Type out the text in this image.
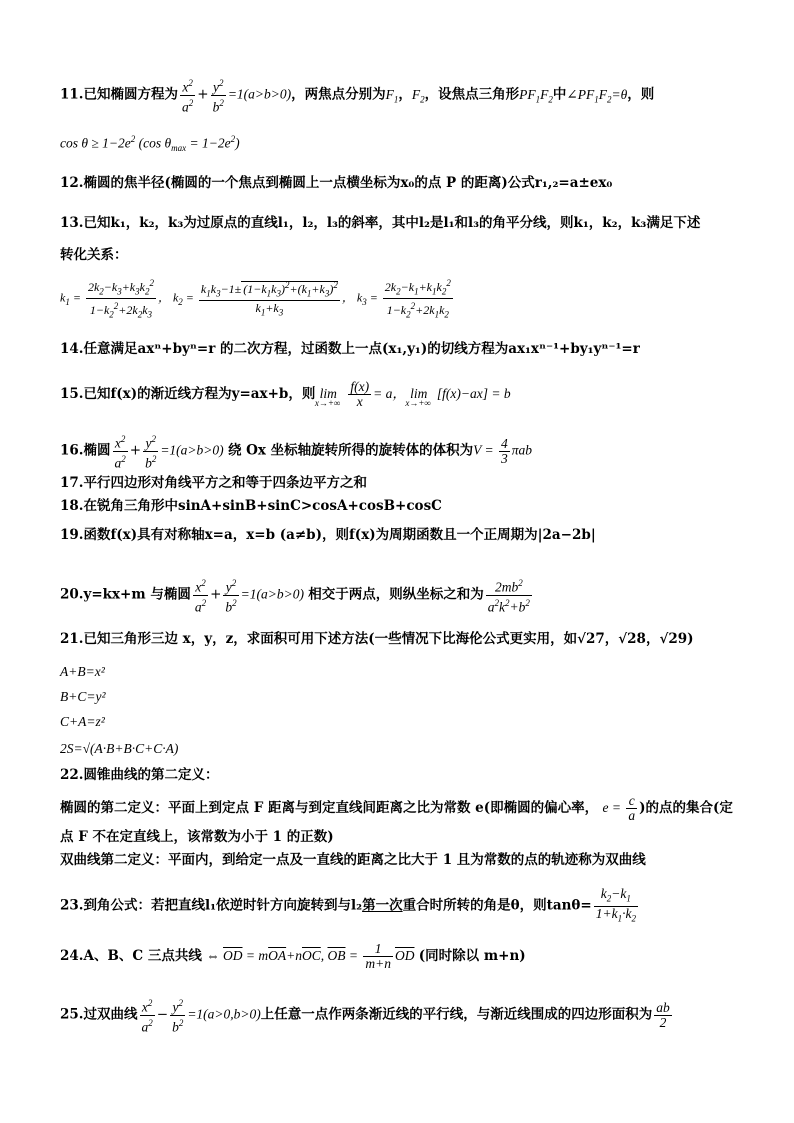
11.已知椭圆方程为 $\frac{x^2}{a^2} + \frac{y^2}{b^2} =1(a>b>0)$，两焦点分别为$F_1$，$F_2$，设焦点三角形$PF_1F_2$中$\angle PF_1F_2=\theta$，则
$\cos \theta \ge 1-2e^2$ (cos $\theta_{max} = 1-2e^2$)
12.椭圆的焦半径(椭圆的一个焦点到椭圆上一点横坐标为x₀的点 P 的距离)公式r₁,₂=a±ex₀
13.已知k₁，k₂，k₃为过原点的直线l₁，l₂，l₃的斜率，其中l₂是l₁和l₃的角平分线，则k₁，k₂，k₃满足下述
转化关系：
$k_1 = \frac{2k_2-k_3+k_3k_2^2}{1-k_2^2+2k_2k_3}$ ， $k_2 = \frac{k_1k_3-1\pm (1-k_1k_3)^2+(k_1+k_3)^2}{k_1+k_3}$ ， $k_3 = \frac{2k_2-k_1+k_1k_2^2}{1-k_2^2+2k_1k_2}$
14.任意满足axⁿ+byⁿ=r 的二次方程，过函数上一点(x₁,y₁)的切线方程为ax₁xⁿ⁻¹+by₁yⁿ⁻¹=r
15.已知f(x)的渐近线方程为y=ax+b，则 $\lim_{x\to+\infty} \frac{f(x)}{x} = a$， $\lim_{x\to+\infty}[f(x)-ax] = b$
16.椭圆 $\frac{x^2}{a^2} + \frac{y^2}{b^2} =1(a>b>0)$ 绕 Ox 坐标轴旋转所得的旋转体的体积为$V = \frac{4}{3}$ πab
17.平行四边形对角线平方之和等于四条边平方之和
18.在锐角三角形中sinA+sinB+sinC>cosA+cosB+cosC
19.函数f(x)具有对称轴x=a，x=b (a≠b)，则f(x)为周期函数且一个正周期为|2a−2b|
20.y=kx+m 与椭圆 $\frac{x^2}{a^2} + \frac{y^2}{b^2} =1(a>b>0)$ 相交于两点，则纵坐标之和为 $\frac{2mb^2}{a^2k^2+b^2}$
21.已知三角形三边 x，y，z，求面积可用下述方法(一些情况下比海伦公式更实用，如√27，√28，√29)
A+B=x²
B+C=y²
C+A=z²
2S=√(A·B+B·C+C·A)
22.圆锥曲线的第二定义：
椭圆的第二定义：平面上到定点 F 距离与到定直线间距离之比为常数 e(即椭圆的偏心率， $e = \frac{c}{a}$ )的点的集合(定
点 F 不在定直线上，该常数为小于 1 的正数)
双曲线第二定义：平面内，到给定一点及一直线的距离之比大于 1 且为常数的点的轨迹称为双曲线
23.到角公式：若把直线l₁依逆时针方向旋转到与l₂第一次重合时所转的角是θ，则$\tan\theta= \frac{k_2-k_1}{1+k_1\cdot k_2}$
24.A、B、C 三点共线 ⇔ $\overline{OD} = m\overline{OA}+n\overline{OC}$, $\overline{OB} = \frac{1}{m+n} \overline{OD}$ (同时除以 m+n)
25.过双曲线 $\frac{x^2}{a^2} - \frac{y^2}{b^2} =1(a>0,b>0)$上任意一点作两条渐近线的平行线，与渐近线围成的四边形面积为 $\frac{ab}{2}$
